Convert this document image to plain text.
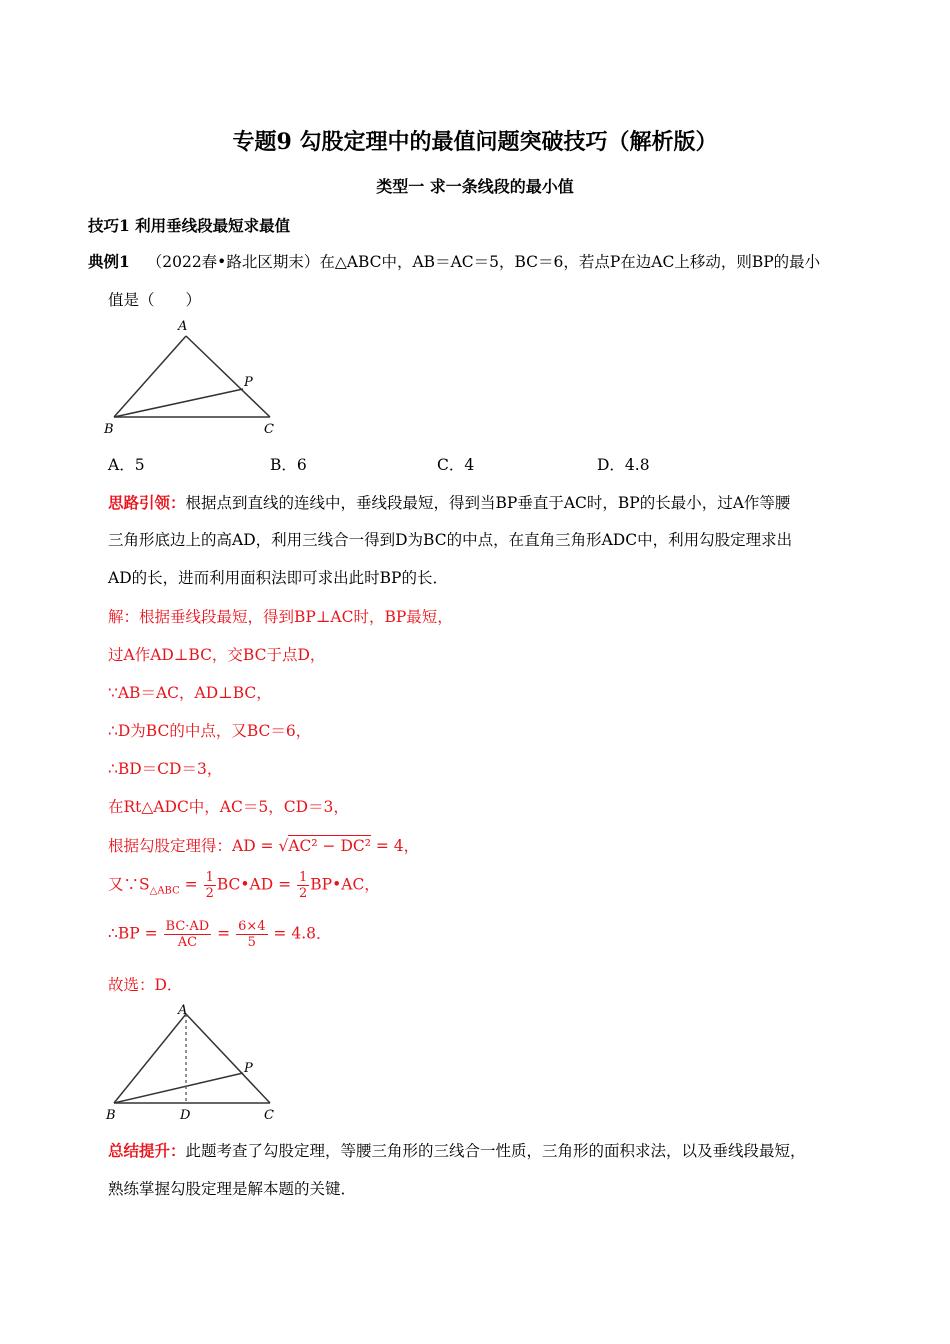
专题9 勾股定理中的最值问题突破技巧（解析版）
类型一 求一条线段的最小值
技巧1 利用垂线段最短求最值
典例1 （2022春•路北区期末）在△ABC中，AB＝AC＝5，BC＝6，若点P在边AC上移动，则BP的最小
值是（　　）
A
B	C
P
A．5	B．6	C．4	D．4.8
思路引领：根据点到直线的连线中，垂线段最短，得到当BP垂直于AC时，BP的长最小，过A作等腰
三角形底边上的高AD，利用三线合一得到D为BC的中点，在直角三角形ADC中，利用勾股定理求出
AD的长，进而利用面积法即可求出此时BP的长．
解：根据垂线段最短，得到BP⊥AC时，BP最短，
过A作AD⊥BC，交BC于点D，
∵AB＝AC，AD⊥BC，
∴D为BC的中点，又BC＝6，
∴BD＝CD＝3，
在Rt△ADC中，AC＝5，CD＝3，
根据勾股定理得：AD = √AC² − DC² = 4，
又$\because S_{\triangle ABC} = \frac{1}{2}$ BC•AD = $\frac{1}{2}$ BP•AC，
∴BP = $\frac{BC\cdot AD}{AC} = \frac{6\times 4}{5} = 4.8$．
故选：D．
A
B	D	C
P
总结提升：此题考查了勾股定理，等腰三角形的三线合一性质，三角形的面积求法，以及垂线段最短，
熟练掌握勾股定理是解本题的关键．
